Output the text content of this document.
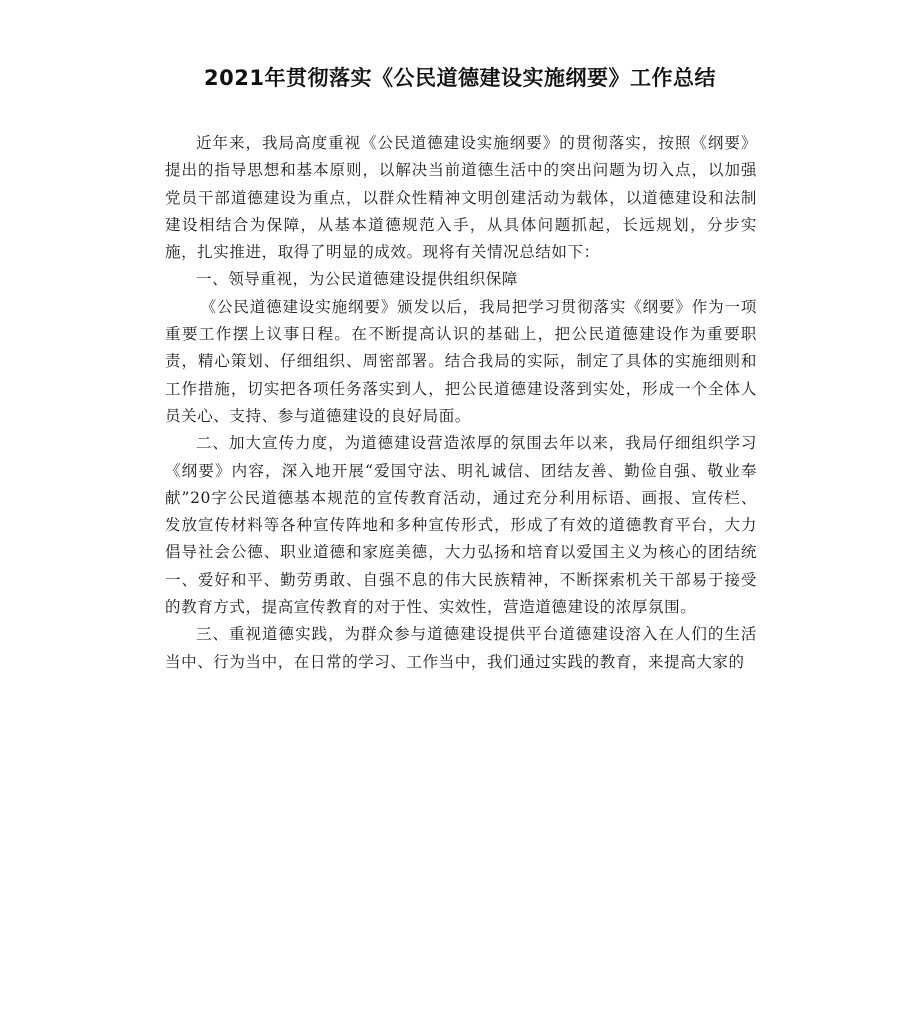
2021年贯彻落实《公民道德建设实施纲要》工作总结

近年来，我局高度重视《公民道德建设实施纲要》的贯彻落实，按照《纲要》提出的指导思想和基本原则，以解决当前道德生活中的突出问题为切入点，以加强党员干部道德建设为重点，以群众性精神文明创建活动为载体，以道德建设和法制建设相结合为保障，从基本道德规范入手，从具体问题抓起，长远规划，分步实施，扎实推进，取得了明显的成效。现将有关情况总结如下：

一、领导重视，为公民道德建设提供组织保障

《公民道德建设实施纲要》颁发以后，我局把学习贯彻落实《纲要》作为一项重要工作摆上议事日程。在不断提高认识的基础上，把公民道德建设作为重要职责，精心策划、仔细组织、周密部署。结合我局的实际，制定了具体的实施细则和工作措施，切实把各项任务落实到人，把公民道德建设落到实处，形成一个全体人员关心、支持、参与道德建设的良好局面。

二、加大宣传力度，为道德建设营造浓厚的氛围去年以来，我局仔细组织学习《纲要》内容，深入地开展“爱国守法、明礼诚信、团结友善、勤俭自强、敬业奉献”20字公民道德基本规范的宣传教育活动，通过充分利用标语、画报、宣传栏、发放宣传材料等各种宣传阵地和多种宣传形式，形成了有效的道德教育平台，大力倡导社会公德、职业道德和家庭美德，大力弘扬和培育以爱国主义为核心的团结统一、爱好和平、勤劳勇敢、自强不息的伟大民族精神，不断探索机关干部易于接受的教育方式，提高宣传教育的对于性、实效性，营造道德建设的浓厚氛围。

三、重视道德实践，为群众参与道德建设提供平台道德建设溶入在人们的生活当中、行为当中，在日常的学习、工作当中，我们通过实践的教育，来提高大家的
